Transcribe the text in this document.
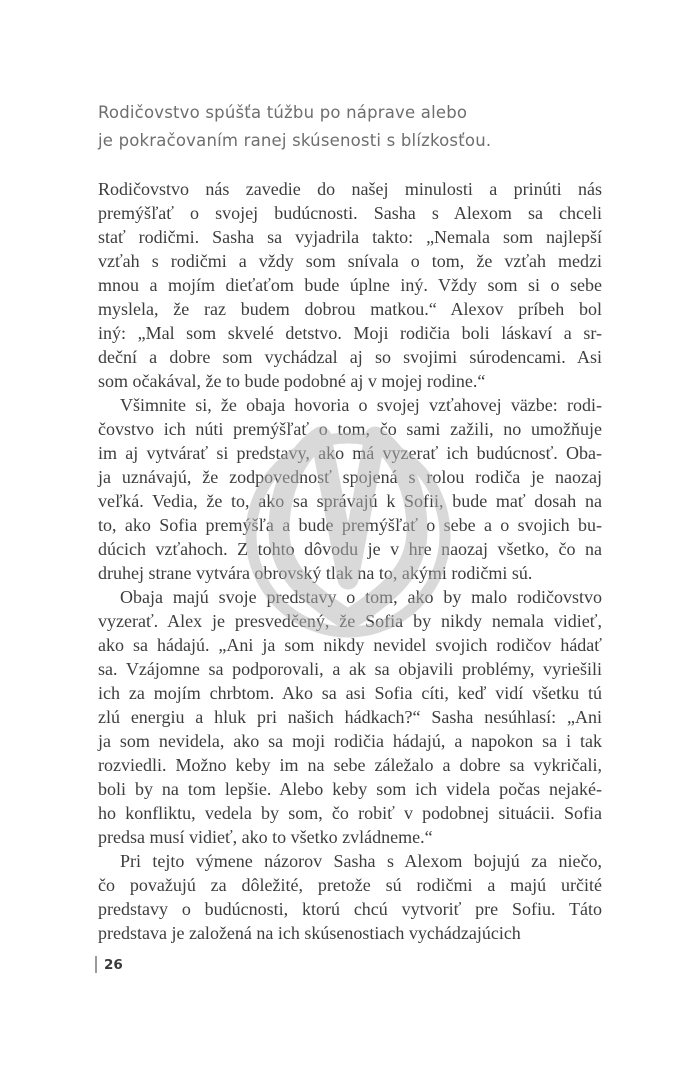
Rodičovstvo spúšťa túžbu po náprave alebo
je pokračovaním ranej skúsenosti s blízkosťou.
Rodičovstvo nás zavedie do našej minulosti a prinúti nás
premýšľať o svojej budúcnosti. Sasha s Alexom sa chceli
stať rodičmi. Sasha sa vyjadrila takto: „Nemala som najlepší
vzťah s rodičmi a vždy som snívala o tom, že vzťah medzi
mnou a mojím dieťaťom bude úplne iný. Vždy som si o sebe
myslela, že raz budem dobrou matkou.“ Alexov príbeh bol
iný: „Mal som skvelé detstvo. Moji rodičia boli láskaví a sr-
deční a dobre som vychádzal aj so svojimi súrodencami. Asi
som očakával, že to bude podobné aj v mojej rodine.“
Všimnite si, že obaja hovoria o svojej vzťahovej väzbe: rodi-
čovstvo ich núti premýšľať o tom, čo sami zažili, no umožňuje
im aj vytvárať si predstavy, ako má vyzerať ich budúcnosť. Oba-
ja uznávajú, že zodpovednosť spojená s rolou rodiča je naozaj
veľká. Vedia, že to, ako sa správajú k Sofii, bude mať dosah na
to, ako Sofia premýšľa a bude premýšľať o sebe a o svojich bu-
dúcich vzťahoch. Z tohto dôvodu je v hre naozaj všetko, čo na
druhej strane vytvára obrovský tlak na to, akými rodičmi sú.
Obaja majú svoje predstavy o tom, ako by malo rodičovstvo
vyzerať. Alex je presvedčený, že Sofia by nikdy nemala vidieť,
ako sa hádajú. „Ani ja som nikdy nevidel svojich rodičov hádať
sa. Vzájomne sa podporovali, a ak sa objavili problémy, vyriešili
ich za mojím chrbtom. Ako sa asi Sofia cíti, keď vidí všetku tú
zlú energiu a hluk pri našich hádkach?“ Sasha nesúhlasí: „Ani
ja som nevidela, ako sa moji rodičia hádajú, a napokon sa i tak
rozviedli. Možno keby im na sebe záležalo a dobre sa vykričali,
boli by na tom lepšie. Alebo keby som ich videla počas nejaké-
ho konfliktu, vedela by som, čo robiť v podobnej situácii. Sofia
predsa musí vidieť, ako to všetko zvládneme.“
Pri tejto výmene názorov Sasha s Alexom bojujú za niečo,
čo považujú za dôležité, pretože sú rodičmi a majú určité
predstavy o budúcnosti, ktorú chcú vytvoriť pre Sofiu. Táto
predstava je založená na ich skúsenostiach vychádzajúcich
26
